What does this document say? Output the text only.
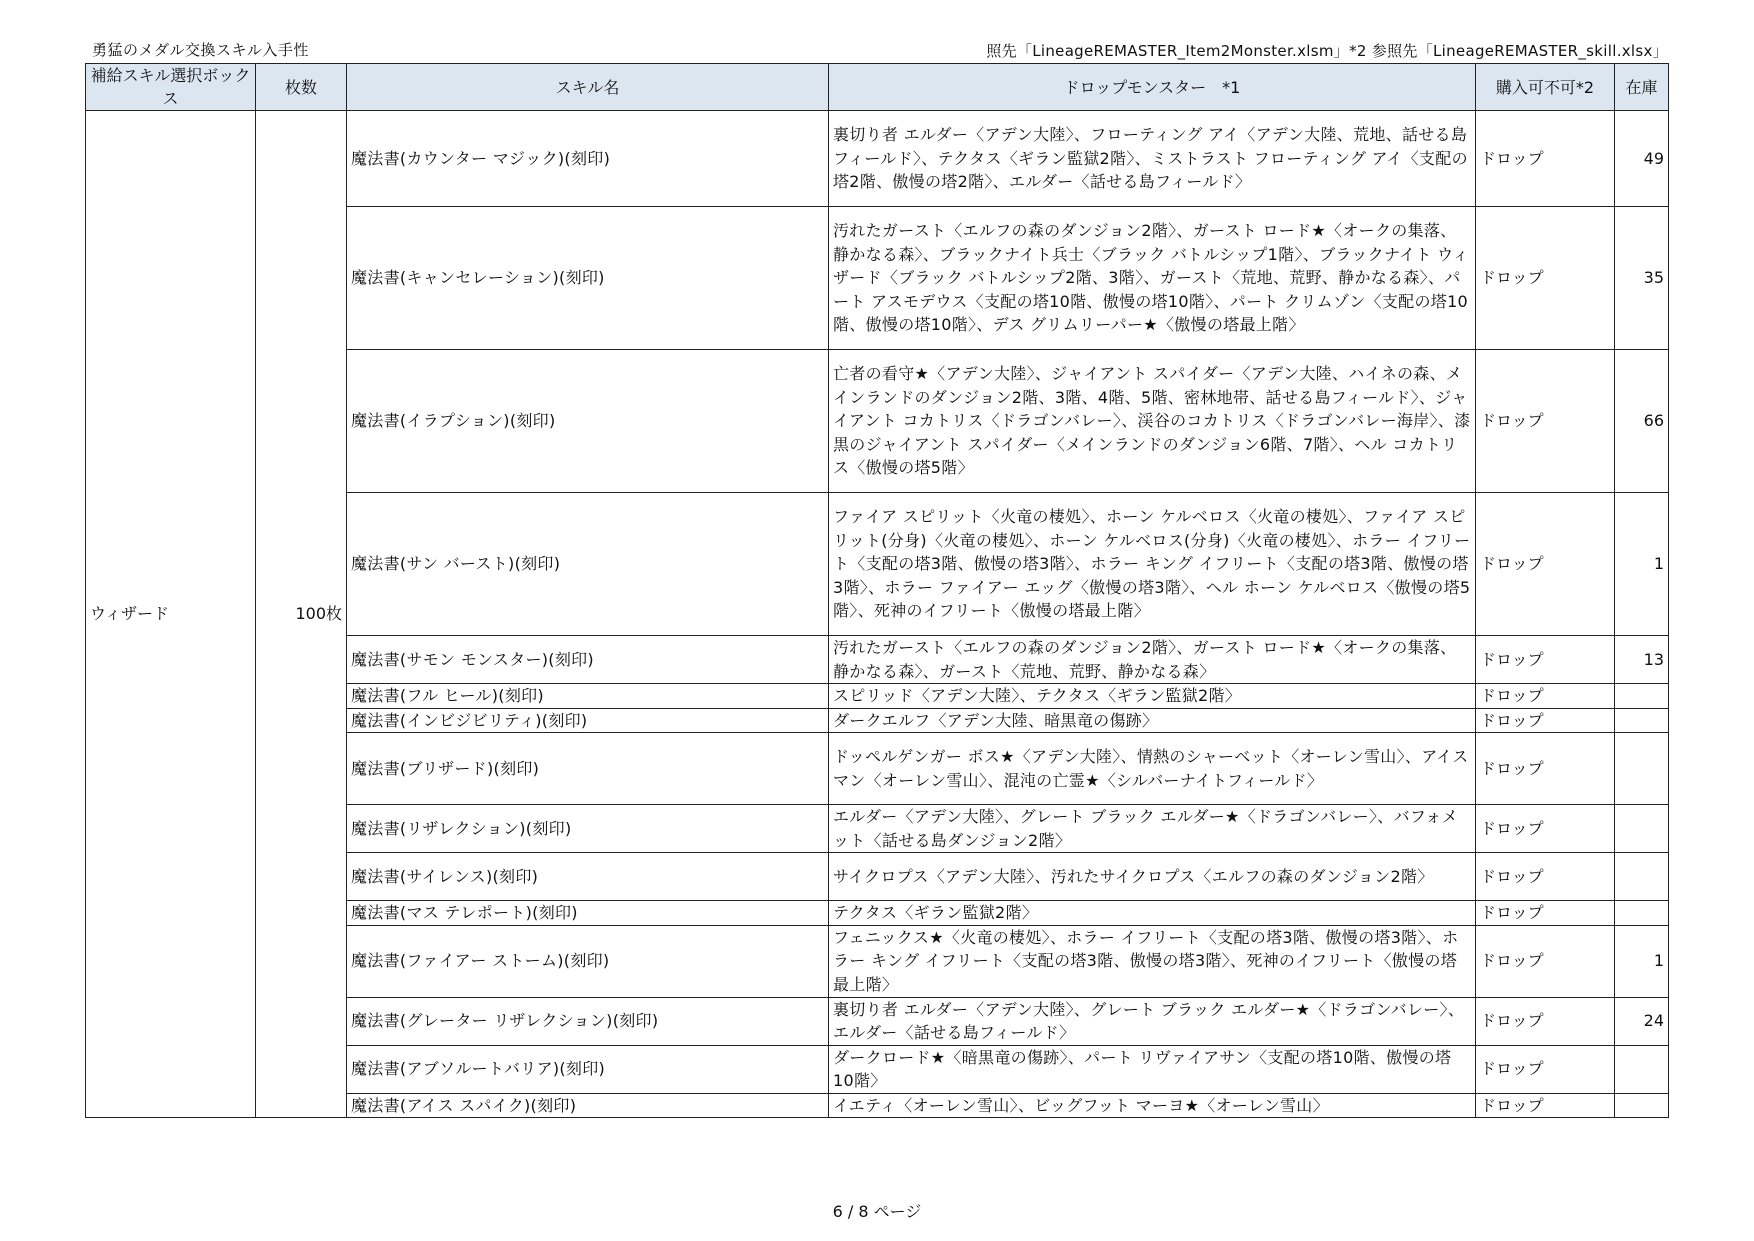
勇猛のメダル交換スキル入手性	照先「LineageREMASTER_Item2Monster.xlsm」*2 参照先「LineageREMASTER_skill.xlsx」
補給スキル選択ボックス	枚数	スキル名	ドロップモンスター　*1	購入可不可*2	在庫
ウィザード	100枚	魔法書(カウンター マジック)(刻印)	裏切り者 エルダー〈アデン大陸〉、フローティング アイ〈アデン大陸、荒地、話せる島フィールド〉、テクタス〈ギラン監獄2階〉、ミストラスト フローティング アイ〈支配の塔2階、傲慢の塔2階〉、エルダー〈話せる島フィールド〉	ドロップ	49
		魔法書(キャンセレーション)(刻印)	汚れたガースト〈エルフの森のダンジョン2階〉、ガースト ロード★〈オークの集落、静かなる森〉、ブラックナイト兵士〈ブラック バトルシップ1階〉、ブラックナイト ウィザード〈ブラック バトルシップ2階、3階〉、ガースト〈荒地、荒野、静かなる森〉、パート アスモデウス〈支配の塔10階、傲慢の塔10階〉、パート クリムゾン〈支配の塔10階、傲慢の塔10階〉、デス グリムリーパー★〈傲慢の塔最上階〉	ドロップ	35
		魔法書(イラプション)(刻印)	亡者の看守★〈アデン大陸〉、ジャイアント スパイダー〈アデン大陸、ハイネの森、メインランドのダンジョン2階、3階、4階、5階、密林地帯、話せる島フィールド〉、ジャイアント コカトリス〈ドラゴンバレー〉、渓谷のコカトリス〈ドラゴンバレー海岸〉、漆黒のジャイアント スパイダー〈メインランドのダンジョン6階、7階〉、ヘル コカトリス〈傲慢の塔5階〉	ドロップ	66
		魔法書(サン バースト)(刻印)	ファイア スピリット〈火竜の棲処〉、ホーン ケルベロス〈火竜の棲処〉、ファイア スピリット(分身)〈火竜の棲処〉、ホーン ケルベロス(分身)〈火竜の棲処〉、ホラー イフリート〈支配の塔3階、傲慢の塔3階〉、ホラー キング イフリート〈支配の塔3階、傲慢の塔3階〉、ホラー ファイアー エッグ〈傲慢の塔3階〉、ヘル ホーン ケルベロス〈傲慢の塔5階〉、死神のイフリート〈傲慢の塔最上階〉	ドロップ	1
		魔法書(サモン モンスター)(刻印)	汚れたガースト〈エルフの森のダンジョン2階〉、ガースト ロード★〈オークの集落、静かなる森〉、ガースト〈荒地、荒野、静かなる森〉	ドロップ	13
		魔法書(フル ヒール)(刻印)	スピリッド〈アデン大陸〉、テクタス〈ギラン監獄2階〉	ドロップ	
		魔法書(インビジビリティ)(刻印)	ダークエルフ〈アデン大陸、暗黒竜の傷跡〉	ドロップ	
		魔法書(ブリザード)(刻印)	ドッペルゲンガー ボス★〈アデン大陸〉、情熱のシャーベット〈オーレン雪山〉、アイスマン〈オーレン雪山〉、混沌の亡霊★〈シルバーナイトフィールド〉	ドロップ	
		魔法書(リザレクション)(刻印)	エルダー〈アデン大陸〉、グレート ブラック エルダー★〈ドラゴンバレー〉、バフォメット〈話せる島ダンジョン2階〉	ドロップ	
		魔法書(サイレンス)(刻印)	サイクロプス〈アデン大陸〉、汚れたサイクロプス〈エルフの森のダンジョン2階〉	ドロップ	
		魔法書(マス テレポート)(刻印)	テクタス〈ギラン監獄2階〉	ドロップ	
		魔法書(ファイアー ストーム)(刻印)	フェニックス★〈火竜の棲処〉、ホラー イフリート〈支配の塔3階、傲慢の塔3階〉、ホラー キング イフリート〈支配の塔3階、傲慢の塔3階〉、死神のイフリート〈傲慢の塔最上階〉	ドロップ	1
		魔法書(グレーター リザレクション)(刻印)	裏切り者 エルダー〈アデン大陸〉、グレート ブラック エルダー★〈ドラゴンバレー〉、エルダー〈話せる島フィールド〉	ドロップ	24
		魔法書(アブソルートバリア)(刻印)	ダークロード★〈暗黒竜の傷跡〉、パート リヴァイアサン〈支配の塔10階、傲慢の塔10階〉	ドロップ	
		魔法書(アイス スパイク)(刻印)	イエティ〈オーレン雪山〉、ビッグフット マーヨ★〈オーレン雪山〉	ドロップ	
6 / 8 ページ
